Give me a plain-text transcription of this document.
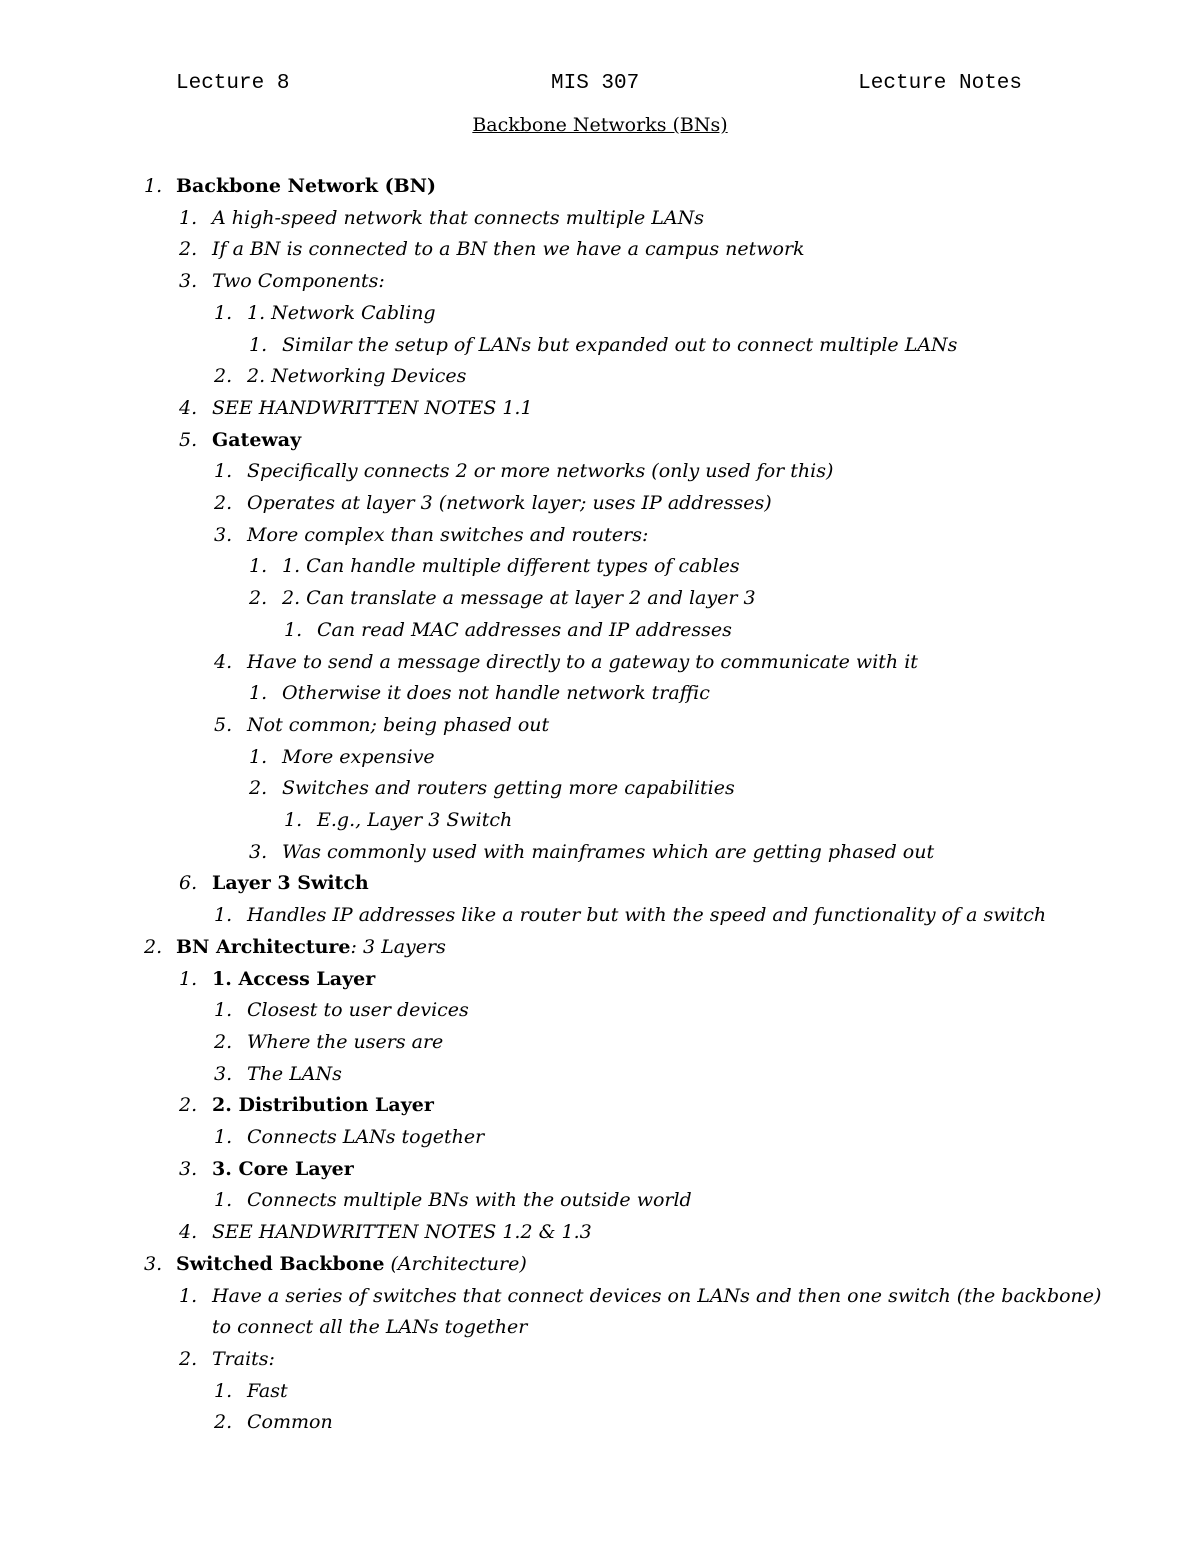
Lecture 8	MIS 307	Lecture Notes
Backbone Networks (BNs)
1. Backbone Network (BN)
1. A high-speed network that connects multiple LANs
2. If a BN is connected to a BN then we have a campus network
3. Two Components:
1. 1. Network Cabling
1. Similar the setup of LANs but expanded out to connect multiple LANs
2. 2. Networking Devices
4. SEE HANDWRITTEN NOTES 1.1
5. Gateway
1. Specifically connects 2 or more networks (only used for this)
2. Operates at layer 3 (network layer; uses IP addresses)
3. More complex than switches and routers:
1. 1. Can handle multiple different types of cables
2. 2. Can translate a message at layer 2 and layer 3
1. Can read MAC addresses and IP addresses
4. Have to send a message directly to a gateway to communicate with it
1. Otherwise it does not handle network traffic
5. Not common; being phased out
1. More expensive
2. Switches and routers getting more capabilities
1. E.g., Layer 3 Switch
3. Was commonly used with mainframes which are getting phased out
6. Layer 3 Switch
1. Handles IP addresses like a router but with the speed and functionality of a switch
2. BN Architecture: 3 Layers
1. 1. Access Layer
1. Closest to user devices
2. Where the users are
3. The LANs
2. 2. Distribution Layer
1. Connects LANs together
3. 3. Core Layer
1. Connects multiple BNs with the outside world
4. SEE HANDWRITTEN NOTES 1.2 & 1.3
3. Switched Backbone (Architecture)
1. Have a series of switches that connect devices on LANs and then one switch (the backbone)
to connect all the LANs together
2. Traits:
1. Fast
2. Common
